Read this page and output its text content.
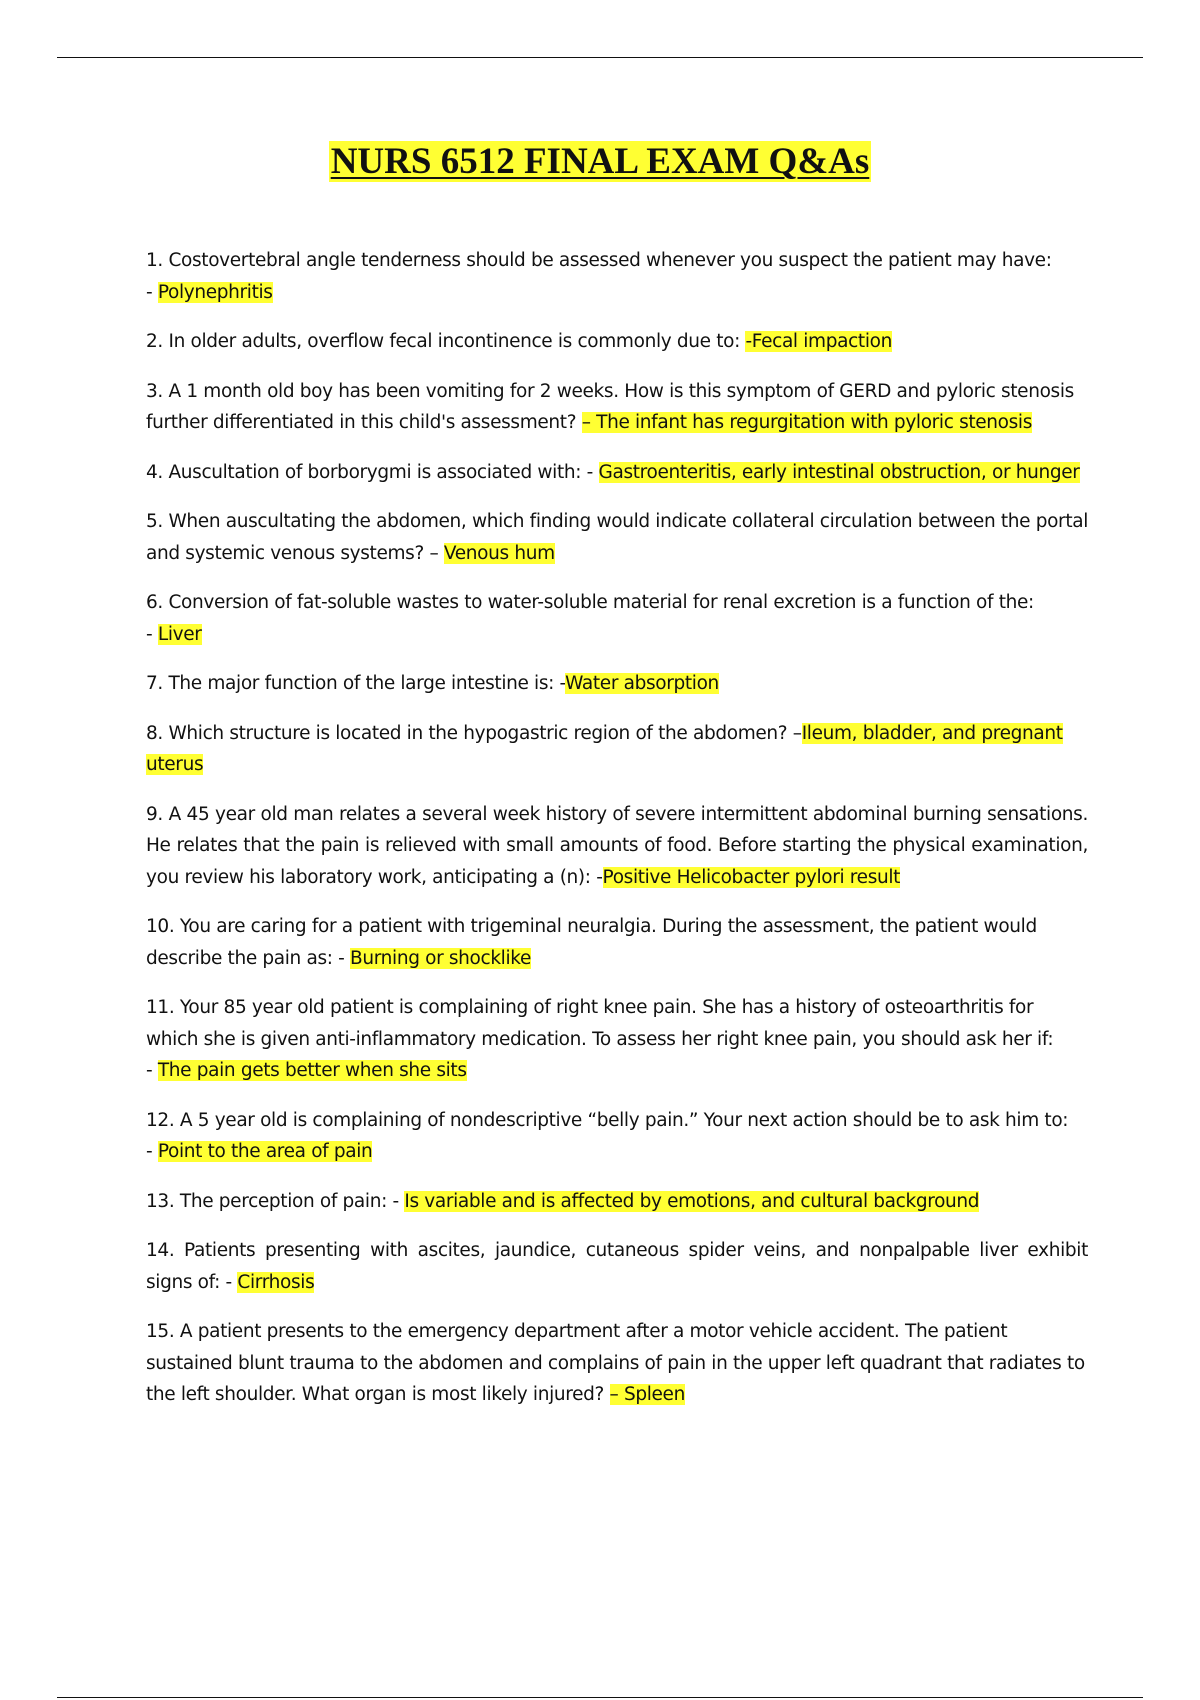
NURS 6512 FINAL EXAM Q&As

1. Costovertebral angle tenderness should be assessed whenever you suspect the patient may have:
- Polynephritis

2. In older adults, overflow fecal incontinence is commonly due to: -Fecal impaction

3. A 1 month old boy has been vomiting for 2 weeks. How is this symptom of GERD and pyloric stenosis further differentiated in this child's assessment? – The infant has regurgitation with pyloric stenosis

4. Auscultation of borborygmi is associated with: - Gastroenteritis, early intestinal obstruction, or hunger

5. When auscultating the abdomen, which finding would indicate collateral circulation between the portal and systemic venous systems? – Venous hum

6. Conversion of fat-soluble wastes to water-soluble material for renal excretion is a function of the:
- Liver

7. The major function of the large intestine is: -Water absorption

8. Which structure is located in the hypogastric region of the abdomen? –Ileum, bladder, and pregnant uterus

9. A 45 year old man relates a several week history of severe intermittent abdominal burning sensations. He relates that the pain is relieved with small amounts of food. Before starting the physical examination, you review his laboratory work, anticipating a (n): -Positive Helicobacter pylori result

10. You are caring for a patient with trigeminal neuralgia. During the assessment, the patient would describe the pain as: - Burning or shocklike

11. Your 85 year old patient is complaining of right knee pain. She has a history of osteoarthritis for which she is given anti-inflammatory medication. To assess her right knee pain, you should ask her if:
- The pain gets better when she sits

12. A 5 year old is complaining of nondescriptive “belly pain.” Your next action should be to ask him to:
- Point to the area of pain

13. The perception of pain: - Is variable and is affected by emotions, and cultural background

14. Patients presenting with ascites, jaundice, cutaneous spider veins, and nonpalpable liver exhibit signs of: - Cirrhosis

15. A patient presents to the emergency department after a motor vehicle accident. The patient sustained blunt trauma to the abdomen and complains of pain in the upper left quadrant that radiates to the left shoulder. What organ is most likely injured? – Spleen
